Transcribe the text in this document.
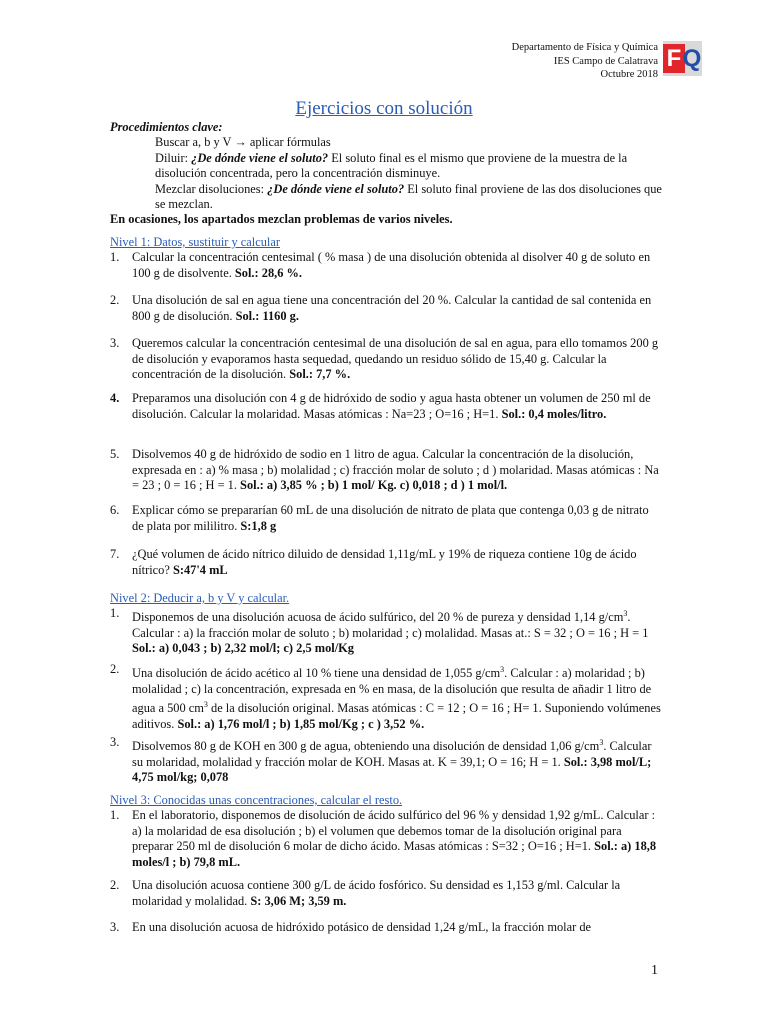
Departamento de Física y Química
IES Campo de Calatrava
Octubre 2018
F Q
Ejercicios con solución
Procedimientos clave:
Buscar a, b y V → aplicar fórmulas
Diluir: ¿De dónde viene el soluto? El soluto final es el mismo que proviene de la muestra de la disolución concentrada, pero la concentración disminuye.
Mezclar disoluciones: ¿De dónde viene el soluto? El soluto final proviene de las dos disoluciones que se mezclan.
En ocasiones, los apartados mezclan problemas de varios niveles.
Nivel 1: Datos, sustituir y calcular
1. Calcular la concentración centesimal ( % masa ) de una disolución obtenida al disolver 40 g de soluto en 100 g de disolvente. Sol.: 28,6 %.
2. Una disolución de sal en agua tiene una concentración del 20 %. Calcular la cantidad de sal contenida en 800 g de disolución. Sol.: 1160 g.
3. Queremos calcular la concentración centesimal de una disolución de sal en agua, para ello tomamos 200 g de disolución y evaporamos hasta sequedad, quedando un residuo sólido de 15,40 g. Calcular la concentración de la disolución. Sol.: 7,7 %.
4. Preparamos una disolución con 4 g de hidróxido de sodio y agua hasta obtener un volumen de 250 ml de disolución. Calcular la molaridad. Masas atómicas : Na=23 ; O=16 ; H=1. Sol.: 0,4 moles/litro.
5. Disolvemos 40 g de hidróxido de sodio en 1 litro de agua. Calcular la concentración de la disolución, expresada en : a) % masa ; b) molalidad ; c) fracción molar de soluto ; d ) molaridad. Masas atómicas : Na = 23 ; 0 = 16 ; H = 1. Sol.: a) 3,85 % ; b) 1 mol/ Kg. c) 0,018 ; d ) 1 mol/l.
6. Explicar cómo se prepararían 60 mL de una disolución de nitrato de plata que contenga 0,03 g de nitrato de plata por mililitro. S:1,8 g
7. ¿Qué volumen de ácido nítrico diluido de densidad 1,11g/mL y 19% de riqueza contiene 10g de ácido nítrico? S:47'4 mL
Nivel 2: Deducir a, b y V y calcular.
1. Disponemos de una disolución acuosa de ácido sulfúrico, del 20 % de pureza y densidad 1,14 $g/cm^3$. Calcular : a) la fracción molar de soluto ; b) molaridad ; c) molalidad. Masas at.: S = 32 ; O = 16 ; H = 1 Sol.: a) 0,043 ; b) 2,32 mol/l; c) 2,5 mol/Kg
2. Una disolución de ácido acético al 10 % tiene una densidad de 1,055 $g/cm^3$. Calcular : a) molaridad ; b) molalidad ; c) la concentración, expresada en % en masa, de la disolución que resulta de añadir 1 litro de agua a 500 $cm^3$ de la disolución original. Masas atómicas : C = 12 ; O = 16 ; H= 1. Suponiendo volúmenes aditivos. Sol.: a) 1,76 mol/l ; b) 1,85 mol/Kg ; c ) 3,52 %.
3. Disolvemos 80 g de KOH en 300 g de agua, obteniendo una disolución de densidad 1,06 $g/cm^3$. Calcular su molaridad, molalidad y fracción molar de KOH. Masas at. K = 39,1; O = 16; H = 1. Sol.: 3,98 mol/L; 4,75 mol/kg; 0,078
Nivel 3: Conocidas unas concentraciones, calcular el resto.
1. En el laboratorio, disponemos de disolución de ácido sulfúrico del 96 % y densidad 1,92 g/mL. Calcular : a) la molaridad de esa disolución ; b) el volumen que debemos tomar de la disolución original para preparar 250 ml de disolución 6 molar de dicho ácido. Masas atómicas : S=32 ; O=16 ; H=1. Sol.: a) 18,8 moles/l ; b) 79,8 mL.
2. Una disolución acuosa contiene 300 g/L de ácido fosfórico. Su densidad es 1,153 g/ml. Calcular la molaridad y molalidad. S: 3,06 M; 3,59 m.
3. En una disolución acuosa de hidróxido potásico de densidad 1,24 g/mL, la fracción molar de
1
